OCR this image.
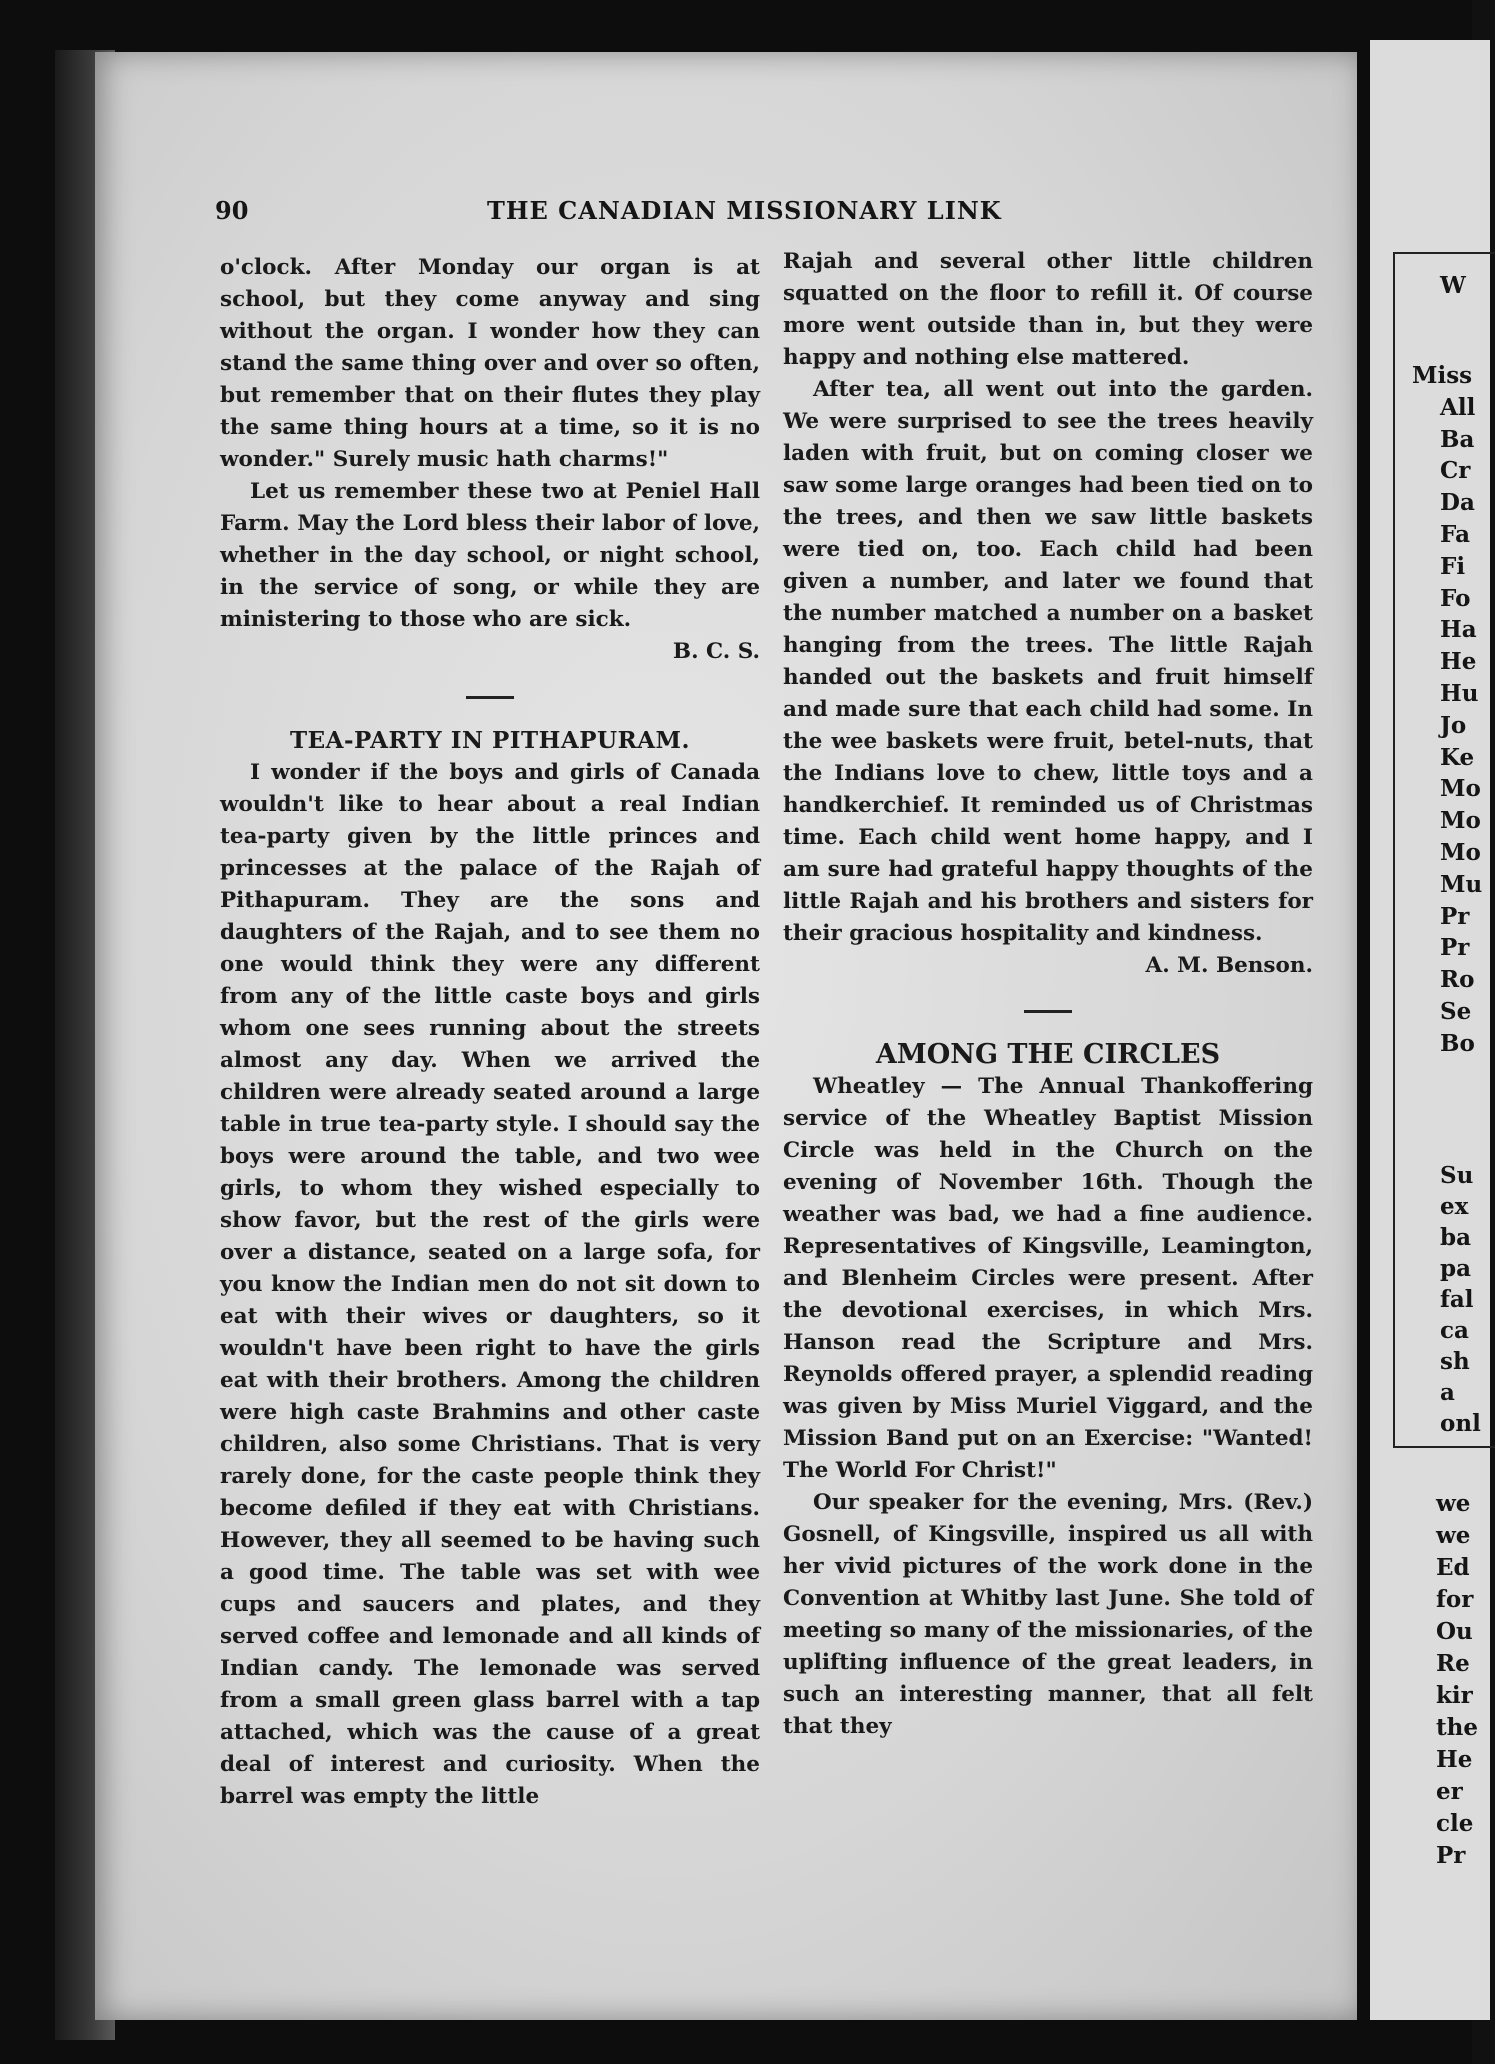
90	THE CANADIAN MISSIONARY LINK

o'clock. After Monday our organ is at school, but they come anyway and sing without the organ. I wonder how they can stand the same thing over and over so often, but remember that on their flutes they play the same thing hours at a time, so it is no wonder." Surely music hath charms!"

Let us remember these two at Peniel Hall Farm. May the Lord bless their labor of love, whether in the day school, or night school, in the service of song, or while they are ministering to those who are sick.

B. C. S.

TEA-PARTY IN PITHAPURAM.

I wonder if the boys and girls of Canada wouldn't like to hear about a real Indian tea-party given by the little princes and princesses at the palace of the Rajah of Pithapuram. They are the sons and daughters of the Rajah, and to see them no one would think they were any different from any of the little caste boys and girls whom one sees running about the streets almost any day. When we arrived the children were already seated around a large table in true tea-party style. I should say the boys were around the table, and two wee girls, to whom they wished especially to show favor, but the rest of the girls were over a distance, seated on a large sofa, for you know the Indian men do not sit down to eat with their wives or daughters, so it wouldn't have been right to have the girls eat with their brothers. Among the children were high caste Brahmins and other caste children, also some Christians. That is very rarely done, for the caste people think they become defiled if they eat with Christians. However, they all seemed to be having such a good time. The table was set with wee cups and saucers and plates, and they served coffee and lemonade and all kinds of Indian candy. The lemonade was served from a small green glass barrel with a tap attached, which was the cause of a great deal of interest and curiosity. When the barrel was empty the little

Rajah and several other little children squatted on the floor to refill it. Of course more went outside than in, but they were happy and nothing else mattered.

After tea, all went out into the garden. We were surprised to see the trees heavily laden with fruit, but on coming closer we saw some large oranges had been tied on to the trees, and then we saw little baskets were tied on, too. Each child had been given a number, and later we found that the number matched a number on a basket hanging from the trees. The little Rajah handed out the baskets and fruit himself and made sure that each child had some. In the wee baskets were fruit, betel-nuts, that the Indians love to chew, little toys and a handkerchief. It reminded us of Christmas time. Each child went home happy, and I am sure had grateful happy thoughts of the little Rajah and his brothers and sisters for their gracious hospitality and kindness.

A. M. Benson.

AMONG THE CIRCLES

Wheatley — The Annual Thankoffering service of the Wheatley Baptist Mission Circle was held in the Church on the evening of November 16th. Though the weather was bad, we had a fine audience. Representatives of Kingsville, Leamington, and Blenheim Circles were present. After the devotional exercises, in which Mrs. Hanson read the Scripture and Mrs. Reynolds offered prayer, a splendid reading was given by Miss Muriel Viggard, and the Mission Band put on an Exercise: "Wanted! The World For Christ!"

Our speaker for the evening, Mrs. (Rev.) Gosnell, of Kingsville, inspired us all with her vivid pictures of the work done in the Convention at Whitby last June. She told of meeting so many of the missionaries, of the uplifting influence of the great leaders, in such an interesting manner, that all felt that they

W
Miss
All
Ba
Cr
Da
Fa
Fi
Fo
Ha
He
Hu
Jo
Ke
Mo
Mo
Mo
Mu
Pr
Pr
Ro
Se
Bo
Su
ex
ba
pa
fal
ca
sh
a
onl
we
we
Ed
for
Ou
Re
kir
the
He
er
cle
Pr
